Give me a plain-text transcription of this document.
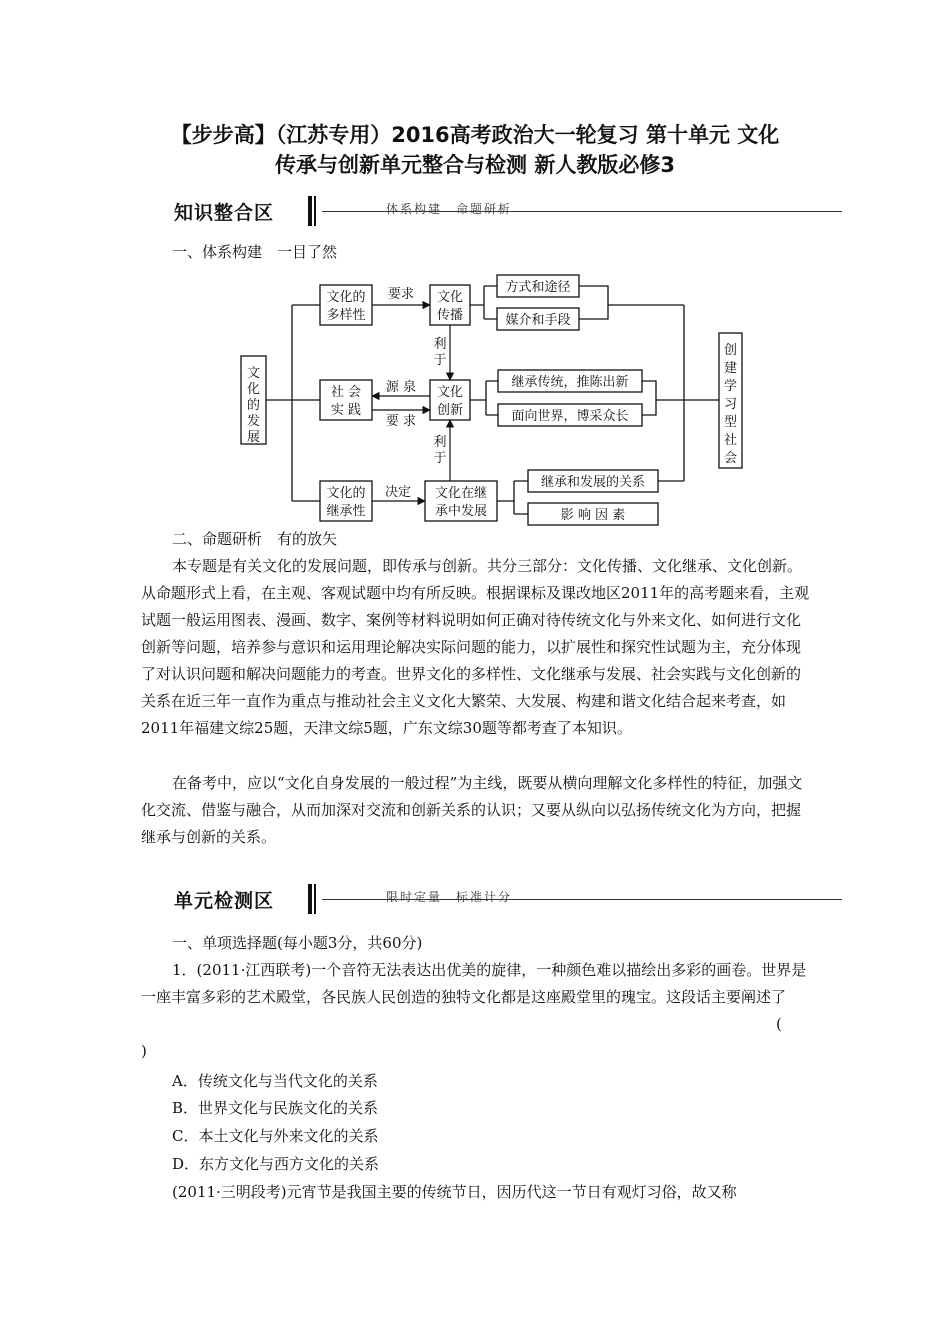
【步步高】（江苏专用）2016高考政治大一轮复习 第十单元 文化
传承与创新单元整合与检测 新人教版必修3
知识整合区	体系构建　命题研析
一、体系构建　一目了然
文
化
的
发
展
文化的
多样性
要求 文化
传播
方式和途径
媒介和手段
利
于
社 会
实 践
源 泉
要 求
文化
创新
继承传统，推陈出新
面向世界，博采众长
利
于
文化的
继承性
决定 文化在继
承中发展
继承和发展的关系
影 响 因 素
创
建
学
习
型
社
会
二、命题研析　有的放矢
本专题是有关文化的发展问题，即传承与创新。共分三部分：文化传播、文化继承、文化创新。从命题形式上看，在主观、客观试题中均有所反映。根据课标及课改地区2011年的高考题来看，主观试题一般运用图表、漫画、数字、案例等材料说明如何正确对待传统文化与外来文化、如何进行文化创新等问题，培养参与意识和运用理论解决实际问题的能力，以扩展性和探究性试题为主，充分体现了对认识问题和解决问题能力的考查。世界文化的多样性、文化继承与发展、社会实践与文化创新的关系在近三年一直作为重点与推动社会主义文化大繁荣、大发展、构建和谐文化结合起来考查，如2011年福建文综25题，天津文综5题，广东文综30题等都考查了本知识。
在备考中，应以“文化自身发展的一般过程”为主线，既要从横向理解文化多样性的特征，加强文化交流、借鉴与融合，从而加深对交流和创新关系的认识；又要从纵向以弘扬传统文化为方向，把握继承与创新的关系。
单元检测区	限时定量　标准计分
一、单项选择题(每小题3分，共60分)
1．(2011·江西联考)一个音符无法表达出优美的旋律，一种颜色难以描绘出多彩的画卷。世界是一座丰富多彩的艺术殿堂，各民族人民创造的独特文化都是这座殿堂里的瑰宝。这段话主要阐述了
(
)
A．传统文化与当代文化的关系
B．世界文化与民族文化的关系
C．本土文化与外来文化的关系
D．东方文化与西方文化的关系
(2011·三明段考)元宵节是我国主要的传统节日，因历代这一节日有观灯习俗，故又称
